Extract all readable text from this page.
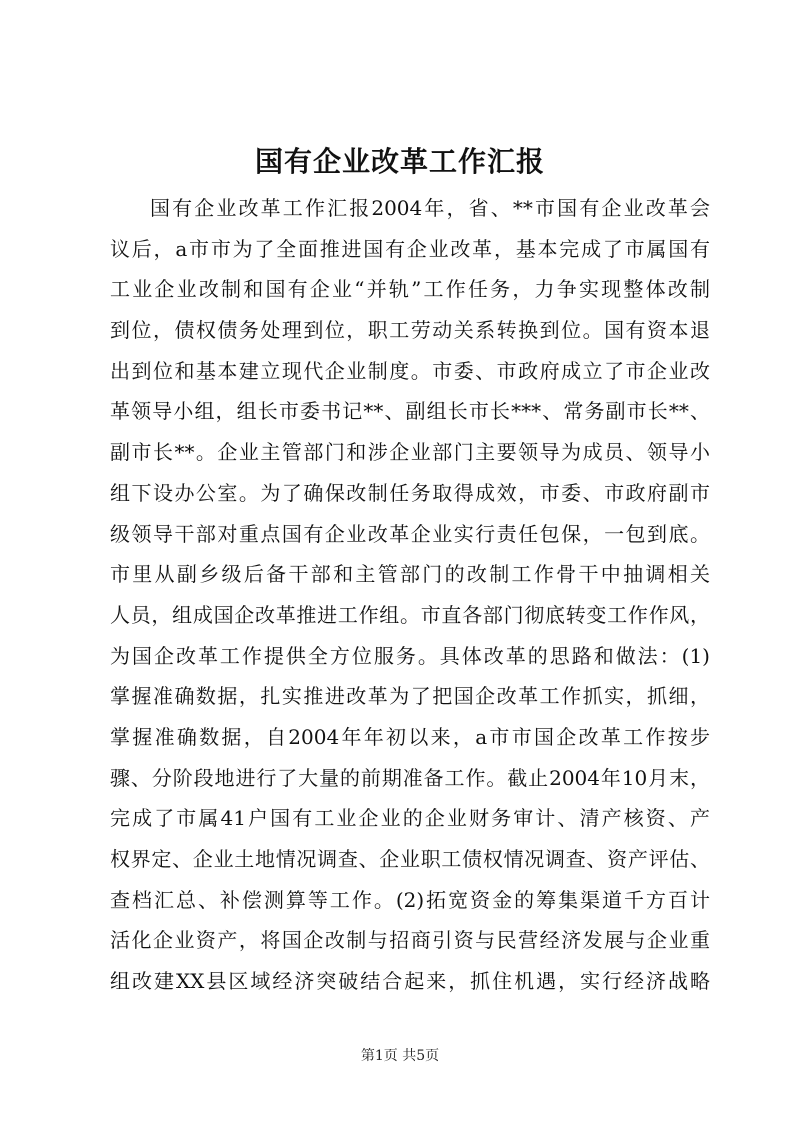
国有企业改革工作汇报
国有企业改革工作汇报2004年，省、**市国有企业改革会
议后，a市市为了全面推进国有企业改革，基本完成了市属国有
工业企业改制和国有企业“并轨”工作任务，力争实现整体改制
到位，债权债务处理到位，职工劳动关系转换到位。国有资本退
出到位和基本建立现代企业制度。市委、市政府成立了市企业改
革领导小组，组长市委书记**、副组长市长***、常务副市长**、
副市长**。企业主管部门和涉企业部门主要领导为成员、领导小
组下设办公室。为了确保改制任务取得成效，市委、市政府副市
级领导干部对重点国有企业改革企业实行责任包保，一包到底。
市里从副乡级后备干部和主管部门的改制工作骨干中抽调相关
人员，组成国企改革推进工作组。市直各部门彻底转变工作作风，
为国企改革工作提供全方位服务。具体改革的思路和做法：(1)
掌握准确数据，扎实推进改革为了把国企改革工作抓实，抓细，
掌握准确数据，自2004年年初以来，a市市国企改革工作按步
骤、分阶段地进行了大量的前期准备工作。截止2004年10月末，
完成了市属41户国有工业企业的企业财务审计、清产核资、产
权界定、企业土地情况调查、企业职工债权情况调查、资产评估、
查档汇总、补偿测算等工作。(2)拓宽资金的筹集渠道千方百计
活化企业资产，将国企改制与招商引资与民营经济发展与企业重
组改建XX县区域经济突破结合起来，抓住机遇，实行经济战略
第1页 共5页
